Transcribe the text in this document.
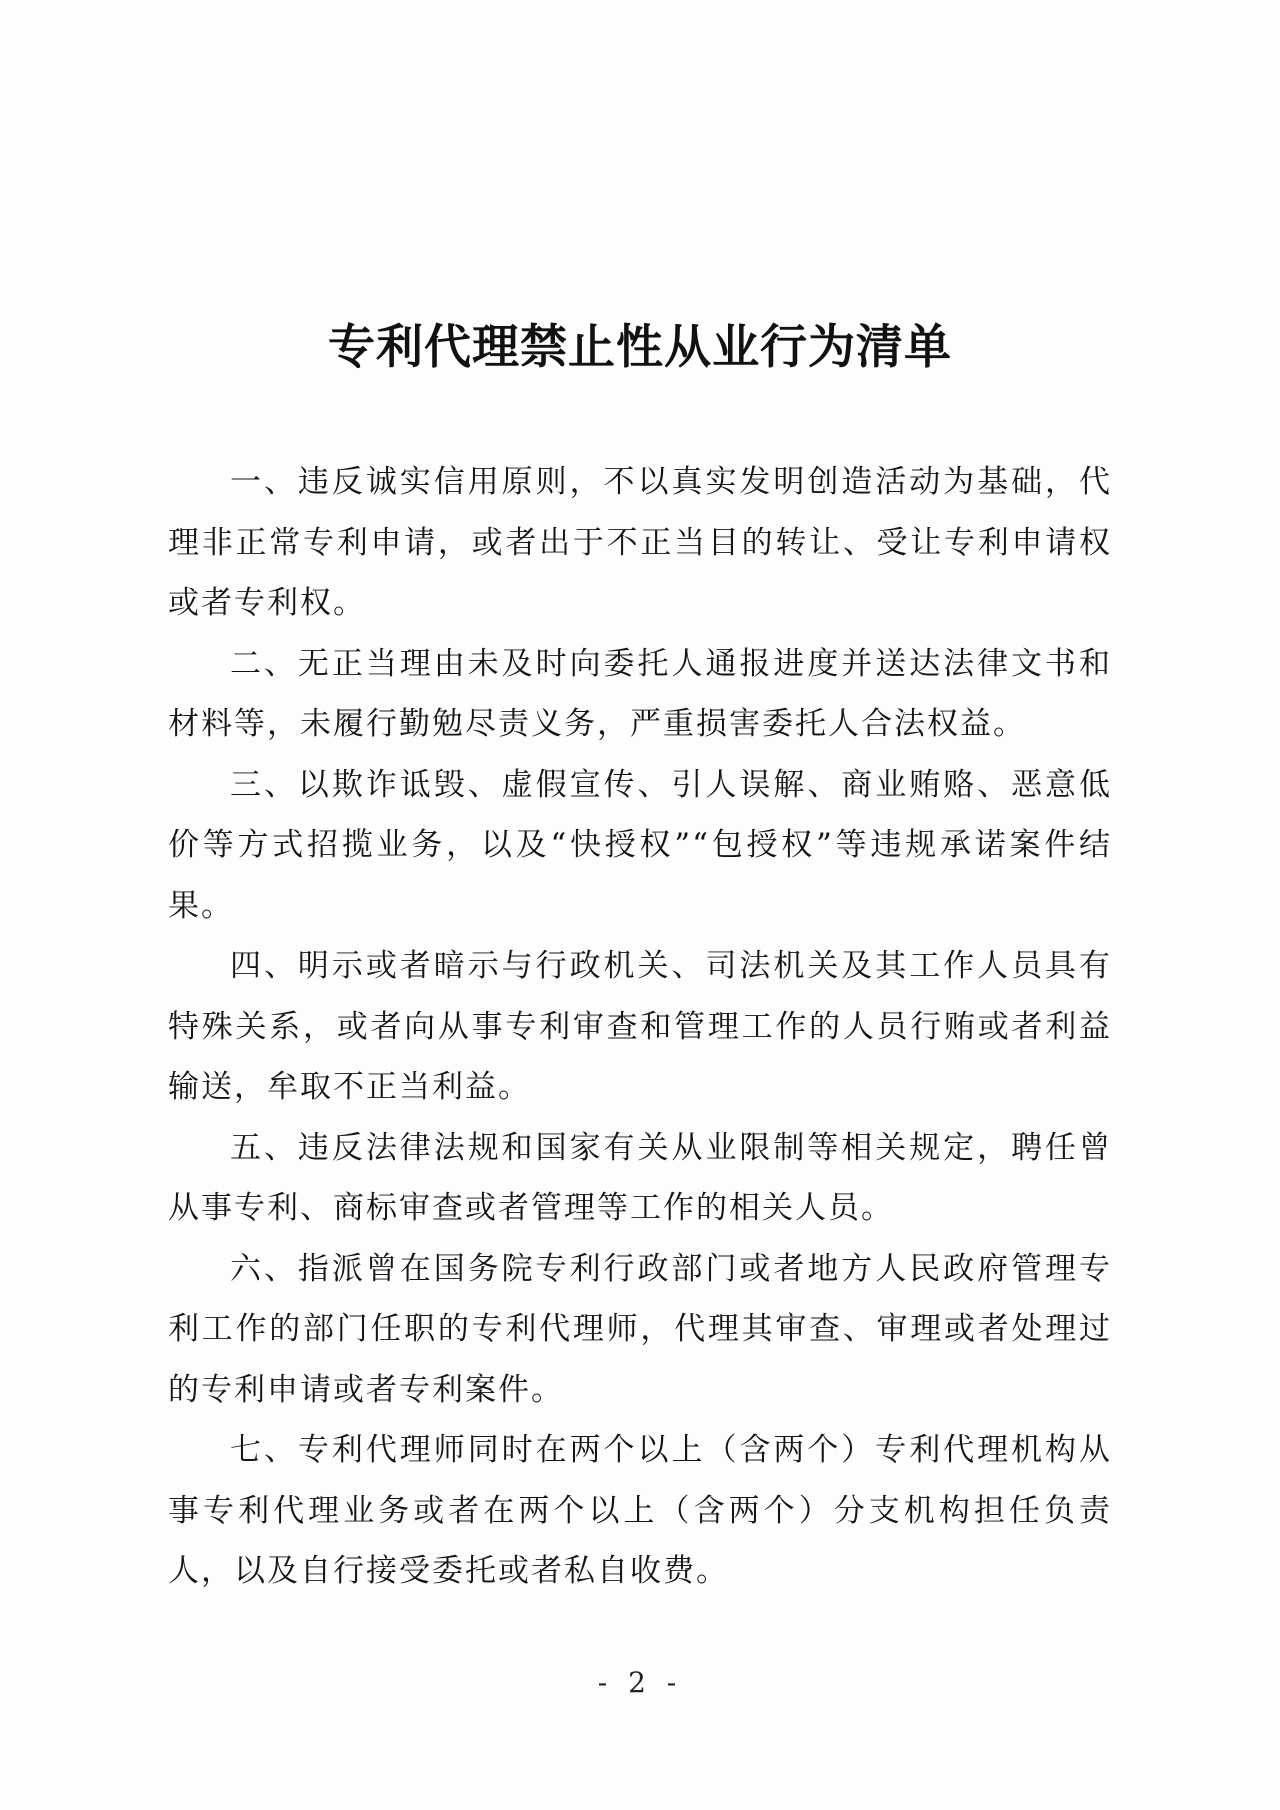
专利代理禁止性从业行为清单

一、违反诚实信用原则，不以真实发明创造活动为基础，代理非正常专利申请，或者出于不正当目的转让、受让专利申请权或者专利权。

二、无正当理由未及时向委托人通报进度并送达法律文书和材料等，未履行勤勉尽责义务，严重损害委托人合法权益。

三、以欺诈诋毁、虚假宣传、引人误解、商业贿赂、恶意低价等方式招揽业务，以及“快授权”“包授权”等违规承诺案件结果。

四、明示或者暗示与行政机关、司法机关及其工作人员具有特殊关系，或者向从事专利审查和管理工作的人员行贿或者利益输送，牟取不正当利益。

五、违反法律法规和国家有关从业限制等相关规定，聘任曾从事专利、商标审查或者管理等工作的相关人员。

六、指派曾在国务院专利行政部门或者地方人民政府管理专利工作的部门任职的专利代理师，代理其审查、审理或者处理过的专利申请或者专利案件。

七、专利代理师同时在两个以上（含两个）专利代理机构从事专利代理业务或者在两个以上（含两个）分支机构担任负责人，以及自行接受委托或者私自收费。

- 2 -
